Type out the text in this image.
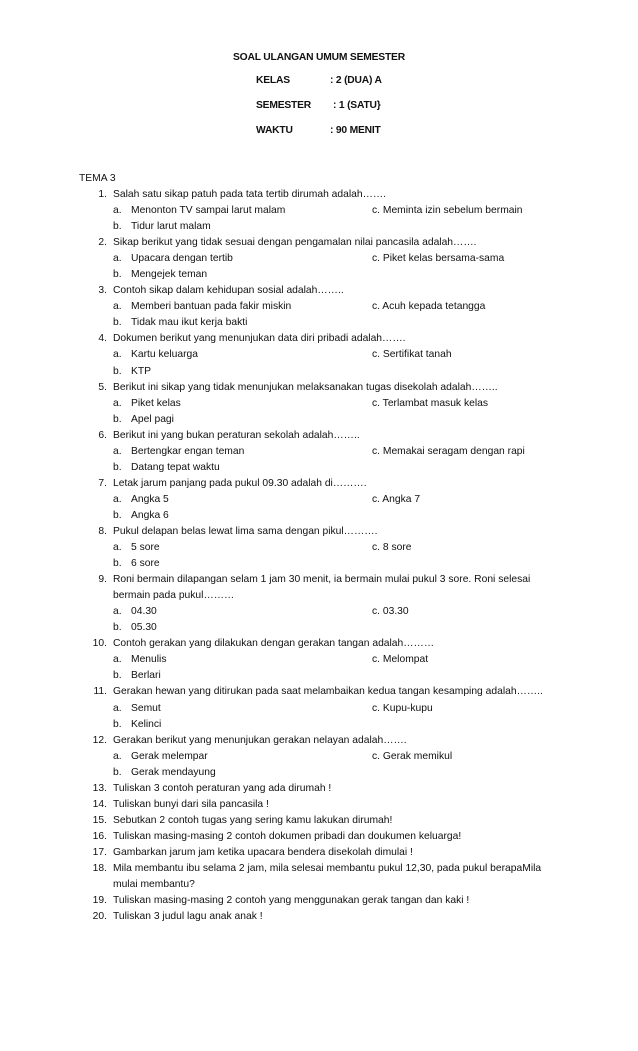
SOAL ULANGAN UMUM SEMESTER
KELAS	: 2 (DUA) A
SEMESTER : 1 (SATU}
WAKTU	: 90 MENIT
TEMA 3
1. Salah satu sikap patuh pada tata tertib dirumah adalah…….
a. Menonton TV sampai larut malam	c. Meminta izin sebelum bermain
b. Tidur larut malam
2. Sikap berikut yang tidak sesuai dengan pengamalan nilai pancasila adalah…….
a. Upacara dengan tertib	c. Piket kelas bersama-sama
b. Mengejek teman
3. Contoh sikap dalam kehidupan sosial adalah……..
a. Memberi bantuan pada fakir miskin	c. Acuh kepada tetangga
b. Tidak mau ikut kerja bakti
4. Dokumen berikut yang menunjukan data diri pribadi adalah…….
a. Kartu keluarga	c. Sertifikat tanah
b. KTP
5. Berikut ini sikap yang tidak menunjukan melaksanakan tugas disekolah adalah……..
a. Piket kelas	c. Terlambat masuk kelas
b. Apel pagi
6. Berikut ini yang bukan peraturan sekolah adalah……..
a. Bertengkar engan teman	c. Memakai seragam dengan rapi
b. Datang tepat waktu
7. Letak jarum panjang pada pukul 09.30 adalah di……….
a. Angka 5	c. Angka 7
b. Angka 6
8. Pukul delapan belas lewat lima sama dengan pikul……….
a. 5 sore	c. 8 sore
b. 6 sore
9. Roni bermain dilapangan selam 1 jam 30 menit, ia bermain mulai pukul 3 sore. Roni selesai
bermain pada pukul………
a. 04.30	c. 03.30
b. 05.30
10. Contoh gerakan yang dilakukan dengan gerakan tangan adalah………
a. Menulis	c. Melompat
b. Berlari
11. Gerakan hewan yang ditirukan pada saat melambaikan kedua tangan kesamping adalah……..
a. Semut	c. Kupu-kupu
b. Kelinci
12. Gerakan berikut yang menunjukan gerakan nelayan adalah…….
a. Gerak melempar	c. Gerak memikul
b. Gerak mendayung
13. Tuliskan 3 contoh peraturan yang ada dirumah !
14. Tuliskan bunyi dari sila pancasila !
15. Sebutkan 2 contoh tugas yang sering kamu lakukan dirumah!
16. Tuliskan masing-masing 2 contoh dokumen pribadi dan doukumen keluarga!
17. Gambarkan jarum jam ketika upacara bendera disekolah dimulai !
18. Mila membantu ibu selama 2 jam, mila selesai membantu pukul 12,30, pada pukul berapaMila
mulai membantu?
19. Tuliskan masing-masing 2 contoh yang menggunakan gerak tangan dan kaki !
20. Tuliskan 3 judul lagu anak anak !
